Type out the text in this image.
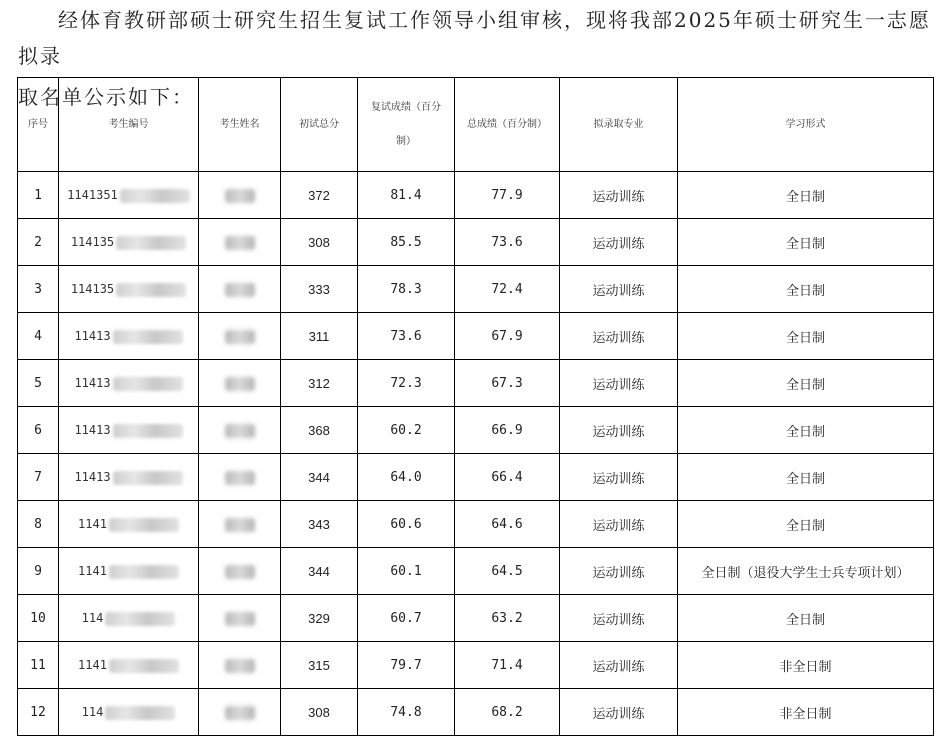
经体育教研部硕士研究生招生复试工作领导小组审核，现将我部2025年硕士研究生一志愿拟录
取名单公示如下：
序号	考生编号	考生姓名	初试总分	复试成绩（百分制）	总成绩（百分制）	拟录取专业	学习形式
1	1141351		372	81.4	77.9	运动训练	全日制
2	114135		308	85.5	73.6	运动训练	全日制
3	114135		333	78.3	72.4	运动训练	全日制
4	11413		311	73.6	67.9	运动训练	全日制
5	11413		312	72.3	67.3	运动训练	全日制
6	11413		368	60.2	66.9	运动训练	全日制
7	11413		344	64.0	66.4	运动训练	全日制
8	1141		343	60.6	64.6	运动训练	全日制
9	1141		344	60.1	64.5	运动训练	全日制（退役大学生士兵专项计划）
10	114		329	60.7	63.2	运动训练	全日制
11	1141		315	79.7	71.4	运动训练	非全日制
12	114		308	74.8	68.2	运动训练	非全日制
